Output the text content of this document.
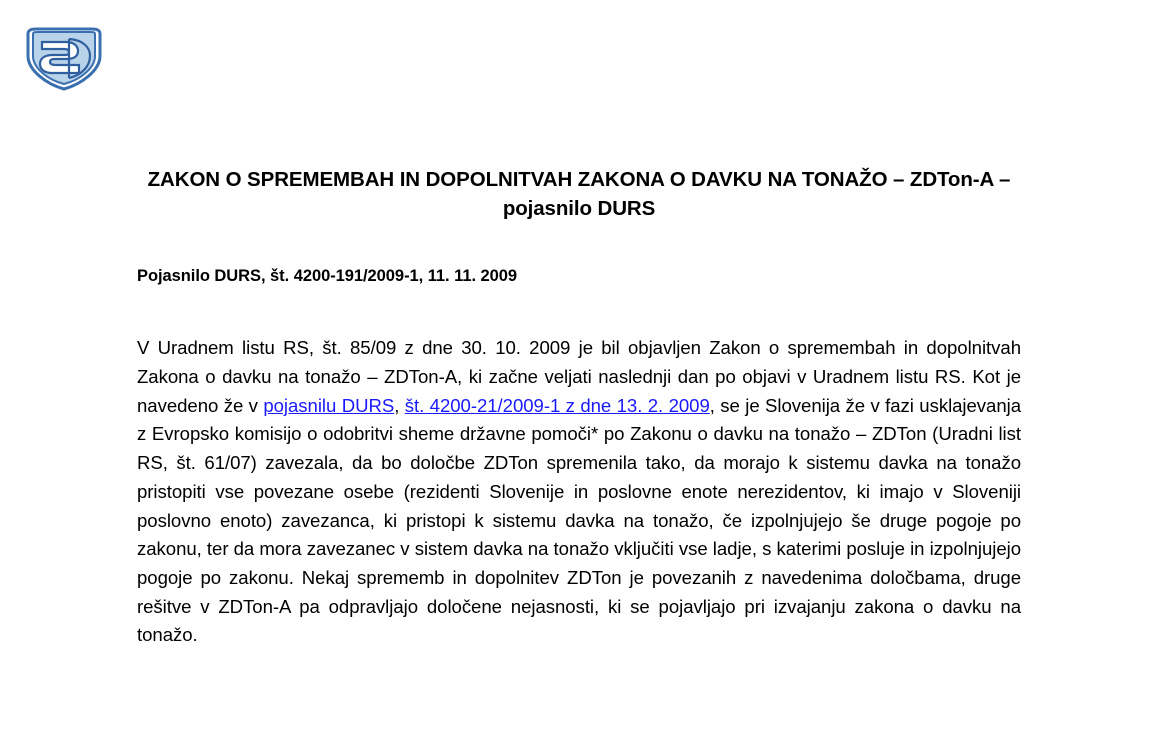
ZAKON O SPREMEMBAH IN DOPOLNITVAH ZAKONA O DAVKU NA TONAŽO – ZDTon-A – pojasnilo DURS
Pojasnilo DURS, št. 4200-191/2009-1, 11. 11. 2009

V Uradnem listu RS, št. 85/09 z dne 30. 10. 2009 je bil objavljen Zakon o spremembah in dopolnitvah Zakona o davku na tonažo – ZDTon-A, ki začne veljati naslednji dan po objavi v Uradnem listu RS. Kot je navedeno že v pojasnilu DURS, št. 4200-21/2009-1 z dne 13. 2. 2009, se je Slovenija že v fazi usklajevanja z Evropsko komisijo o odobritvi sheme državne pomoči* po Zakonu o davku na tonažo – ZDTon (Uradni list RS, št. 61/07) zavezala, da bo določbe ZDTon spremenila tako, da morajo k sistemu davka na tonažo pristopiti vse povezane osebe (rezidenti Slovenije in poslovne enote nerezidentov, ki imajo v Sloveniji poslovno enoto) zavezanca, ki pristopi k sistemu davka na tonažo, če izpolnjujejo še druge pogoje po zakonu, ter da mora zavezanec v sistem davka na tonažo vključiti vse ladje, s katerimi posluje in izpolnjujejo pogoje po zakonu. Nekaj sprememb in dopolnitev ZDTon je povezanih z navedenima določbama, druge rešitve v ZDTon-A pa odpravljajo določene nejasnosti, ki se pojavljajo pri izvajanju zakona o davku na tonažo.
